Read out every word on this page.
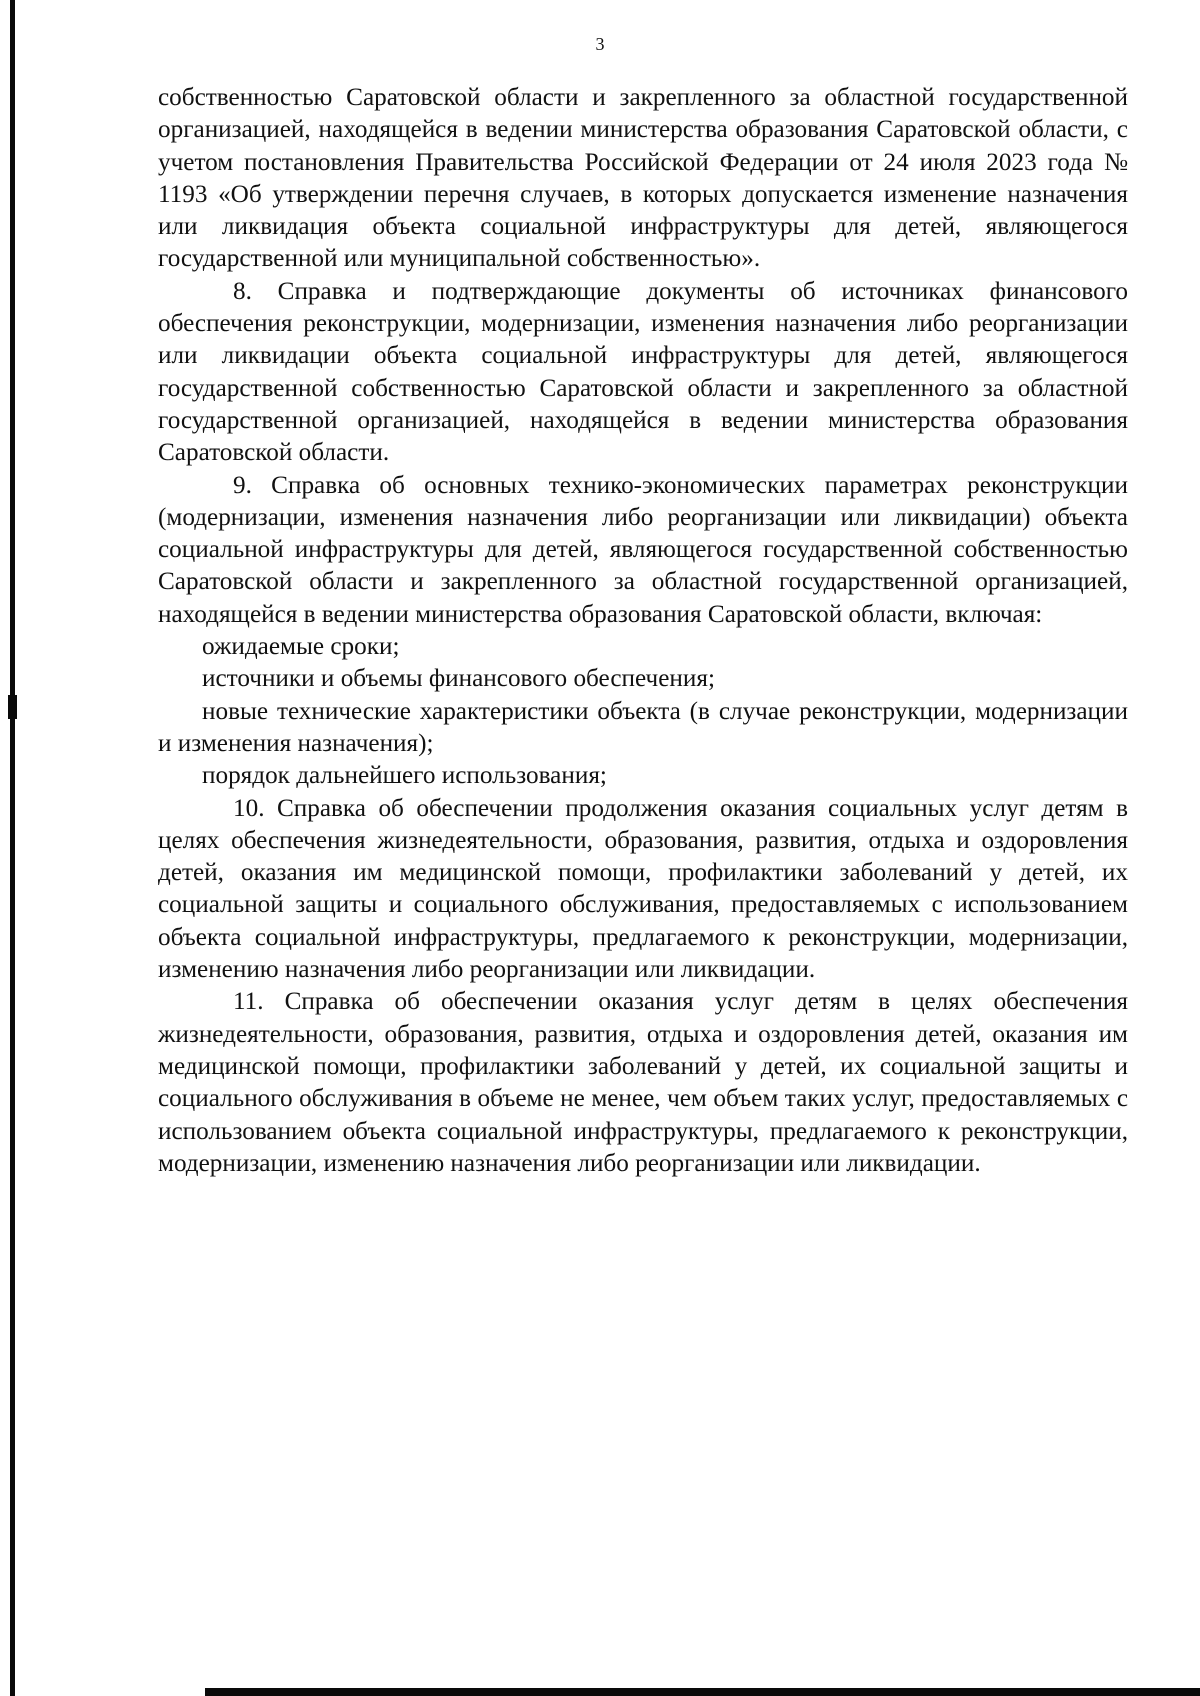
3

собственностью Саратовской области и закрепленного за областной государственной организацией, находящейся в ведении министерства образования Саратовской области, с учетом постановления Правительства Российской Федерации от 24 июля 2023 года № 1193 «Об утверждении перечня случаев, в которых допускается изменение назначения или ликвидация объекта социальной инфраструктуры для детей, являющегося государственной или муниципальной собственностью».

8. Справка и подтверждающие документы об источниках финансового обеспечения реконструкции, модернизации, изменения назначения либо реорганизации или ликвидации объекта социальной инфраструктуры для детей, являющегося государственной собственностью Саратовской области и закрепленного за областной государственной организацией, находящейся в ведении министерства образования Саратовской области.

9. Справка об основных технико-экономических параметрах реконструкции (модернизации, изменения назначения либо реорганизации или ликвидации) объекта социальной инфраструктуры для детей, являющегося государственной собственностью Саратовской области и закрепленного за областной государственной организацией, находящейся в ведении министерства образования Саратовской области, включая:

ожидаемые сроки;

источники и объемы финансового обеспечения;

новые технические характеристики объекта (в случае реконструкции, модернизации и изменения назначения);

порядок дальнейшего использования;

10. Справка об обеспечении продолжения оказания социальных услуг детям в целях обеспечения жизнедеятельности, образования, развития, отдыха и оздоровления детей, оказания им медицинской помощи, профилактики заболеваний у детей, их социальной защиты и социального обслуживания, предоставляемых с использованием объекта социальной инфраструктуры, предлагаемого к реконструкции, модернизации, изменению назначения либо реорганизации или ликвидации.

11. Справка об обеспечении оказания услуг детям в целях обеспечения жизнедеятельности, образования, развития, отдыха и оздоровления детей, оказания им медицинской помощи, профилактики заболеваний у детей, их социальной защиты и социального обслуживания в объеме не менее, чем объем таких услуг, предоставляемых с использованием объекта социальной инфраструктуры, предлагаемого к реконструкции, модернизации, изменению назначения либо реорганизации или ликвидации.
